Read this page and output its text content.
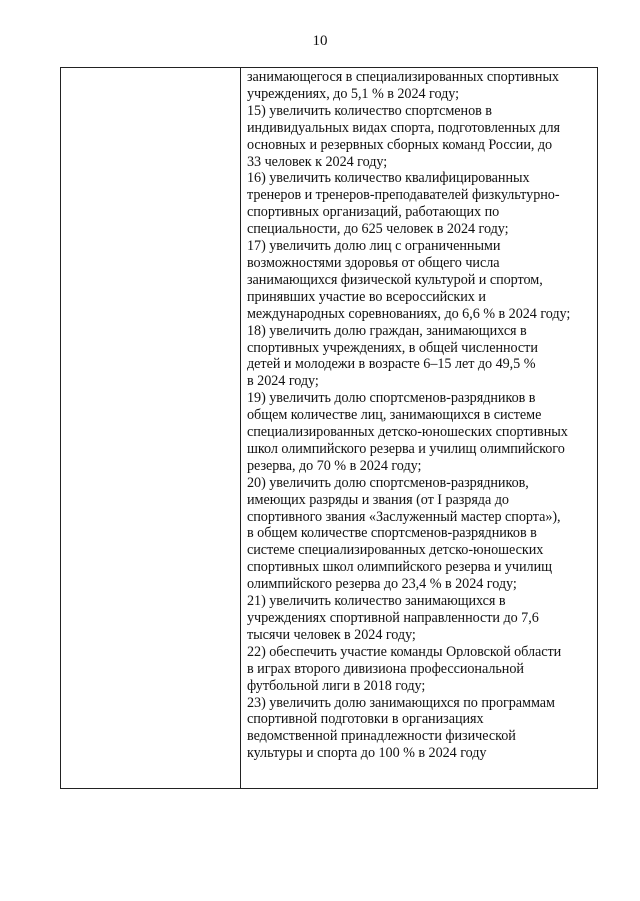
10
занимающегося в специализированных спортивных
учреждениях, до 5,1 % в 2024 году;
15) увеличить количество спортсменов в
индивидуальных видах спорта, подготовленных для
основных и резервных сборных команд России, до
33 человек к 2024 году;
16) увеличить количество квалифицированных
тренеров и тренеров-преподавателей физкультурно-
спортивных организаций, работающих по
специальности, до 625 человек в 2024 году;
17) увеличить долю лиц с ограниченными
возможностями здоровья от общего числа
занимающихся физической культурой и спортом,
принявших участие во всероссийских и
международных соревнованиях, до 6,6 % в 2024 году;
18) увеличить долю граждан, занимающихся в
спортивных учреждениях, в общей численности
детей и молодежи в возрасте 6–15 лет до 49,5 %
в 2024 году;
19) увеличить долю спортсменов-разрядников в
общем количестве лиц, занимающихся в системе
специализированных детско-юношеских спортивных
школ олимпийского резерва и училищ олимпийского
резерва, до 70 % в 2024 году;
20) увеличить долю спортсменов-разрядников,
имеющих разряды и звания (от I разряда до
спортивного звания «Заслуженный мастер спорта»),
в общем количестве спортсменов-разрядников в
системе специализированных детско-юношеских
спортивных школ олимпийского резерва и училищ
олимпийского резерва до 23,4 % в 2024 году;
21) увеличить количество занимающихся в
учреждениях спортивной направленности до 7,6
тысячи человек в 2024 году;
22) обеспечить участие команды Орловской области
в играх второго дивизиона профессиональной
футбольной лиги в 2018 году;
23) увеличить долю занимающихся по программам
спортивной подготовки в организациях
ведомственной принадлежности физической
культуры и спорта до 100 % в 2024 году
